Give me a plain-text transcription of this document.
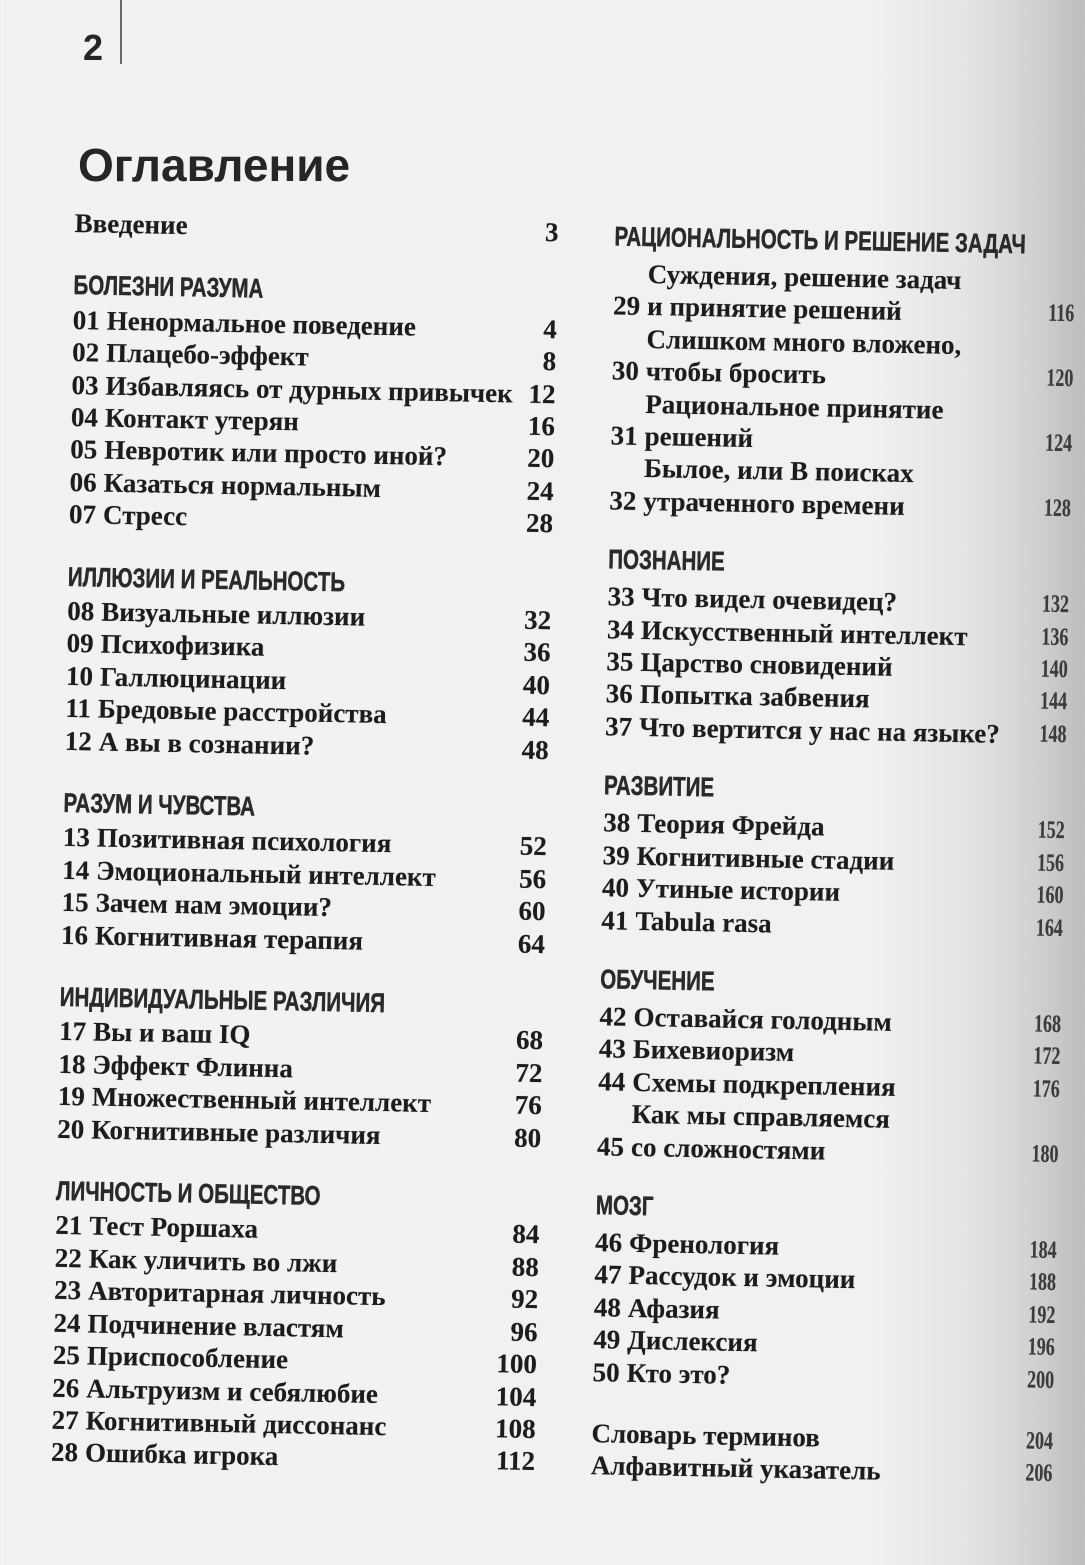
2
Оглавление
Введение	3
БОЛЕЗНИ РАЗУМА
01 Ненормальное поведение	4
02 Плацебо-эффект	8
03 Избавляясь от дурных привычек 12
04 Контакт утерян	16
05 Невротик или просто иной?	20
06 Казаться нормальным	24
07 Стресс	28
ИЛЛЮЗИИ И РЕАЛЬНОСТЬ
08 Визуальные иллюзии	32
09 Психофизика	36
10 Галлюцинации	40
11 Бредовые расстройства	44
12 А вы в сознании?	48
РАЗУМ И ЧУВСТВА
13 Позитивная психология	52
14 Эмоциональный интеллект	56
15 Зачем нам эмоции?	60
16 Когнитивная терапия	64
ИНДИВИДУАЛЬНЫЕ РАЗЛИЧИЯ
17 Вы и ваш IQ	68
18 Эффект Флинна	72
19 Множественный интеллект	76
20 Когнитивные различия	80
ЛИЧНОСТЬ И ОБЩЕСТВО
21 Тест Роршаха	84
22 Как уличить во лжи	88
23 Авторитарная личность	92
24 Подчинение властям	96
25 Приспособление	100
26 Альтруизм и себялюбие	104
27 Когнитивный диссонанс	108
28 Ошибка игрока	112
РАЦИОНАЛЬНОСТЬ И РЕШЕНИЕ ЗАДАЧ
29
Суждения, решение задач
и принятие решений	116
30
Слишком много вложено,
чтобы бросить	120
31
Рациональное принятие
решений	124
32
Былое, или В поисках
утраченного времени	128
ПОЗНАНИЕ
33 Что видел очевидец?	132
34 Искусственный интеллект	136
35 Царство сновидений	140
36 Попытка забвения	144
37 Что вертится у нас на языке?	148
РАЗВИТИЕ
38 Теория Фрейда	152
39 Когнитивные стадии	156
40 Утиные истории	160
41 Tabula rasa	164
ОБУЧЕНИЕ
42 Оставайся голодным	168
43 Бихевиоризм	172
44 Схемы подкрепления	176
45
Как мы справляемся
со сложностями	180
МОЗГ
46 Френология	184
47 Рассудок и эмоции	188
48 Афазия	192
49 Дислексия	196
50 Кто это?	200
Словарь терминов	204
Алфавитный указатель	206
